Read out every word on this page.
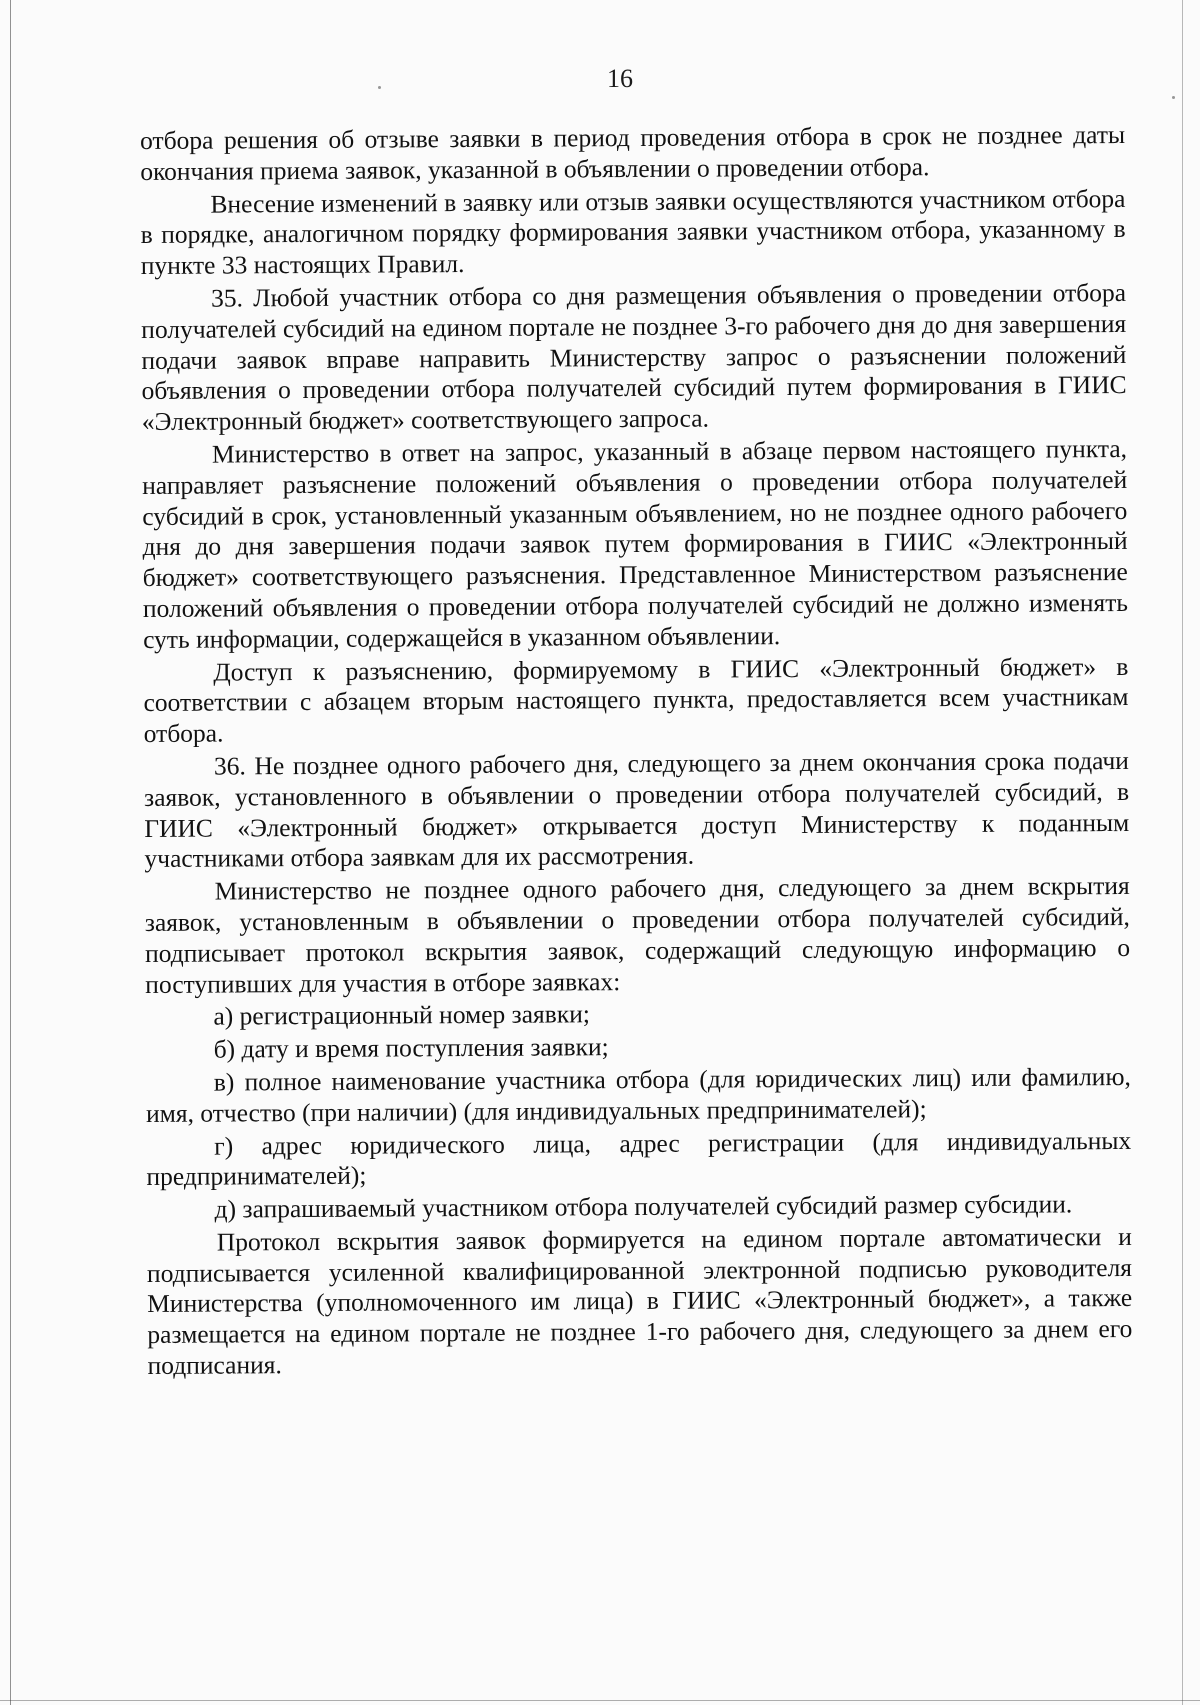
16

отбора решения об отзыве заявки в период проведения отбора в срок не позднее даты окончания приема заявок, указанной в объявлении о проведении отбора.

Внесение изменений в заявку или отзыв заявки осуществляются участником отбора в порядке, аналогичном порядку формирования заявки участником отбора, указанному в пункте 33 настоящих Правил.

35. Любой участник отбора со дня размещения объявления о проведении отбора получателей субсидий на едином портале не позднее 3-го рабочего дня до дня завершения подачи заявок вправе направить Министерству запрос о разъяснении положений объявления о проведении отбора получателей субсидий путем формирования в ГИИС «Электронный бюджет» соответствующего запроса.

Министерство в ответ на запрос, указанный в абзаце первом настоящего пункта, направляет разъяснение положений объявления о проведении отбора получателей субсидий в срок, установленный указанным объявлением, но не позднее одного рабочего дня до дня завершения подачи заявок путем формирования в ГИИС «Электронный бюджет» соответствующего разъяснения. Представленное Министерством разъяснение положений объявления о проведении отбора получателей субсидий не должно изменять суть информации, содержащейся в указанном объявлении.

Доступ к разъяснению, формируемому в ГИИС «Электронный бюджет» в соответствии с абзацем вторым настоящего пункта, предоставляется всем участникам отбора.

36. Не позднее одного рабочего дня, следующего за днем окончания срока подачи заявок, установленного в объявлении о проведении отбора получателей субсидий, в ГИИС «Электронный бюджет» открывается доступ Министерству к поданным участниками отбора заявкам для их рассмотрения.

Министерство не позднее одного рабочего дня, следующего за днем вскрытия заявок, установленным в объявлении о проведении отбора получателей субсидий, подписывает протокол вскрытия заявок, содержащий следующую информацию о поступивших для участия в отборе заявках:

а) регистрационный номер заявки;

б) дату и время поступления заявки;

в) полное наименование участника отбора (для юридических лиц) или фамилию, имя, отчество (при наличии) (для индивидуальных предпринимателей);

г) адрес юридического лица, адрес регистрации (для индивидуальных предпринимателей);

д) запрашиваемый участником отбора получателей субсидий размер субсидии.

Протокол вскрытия заявок формируется на едином портале автоматически и подписывается усиленной квалифицированной электронной подписью руководителя Министерства (уполномоченного им лица) в ГИИС «Электронный бюджет», а также размещается на едином портале не позднее 1-го рабочего дня, следующего за днем его подписания.
